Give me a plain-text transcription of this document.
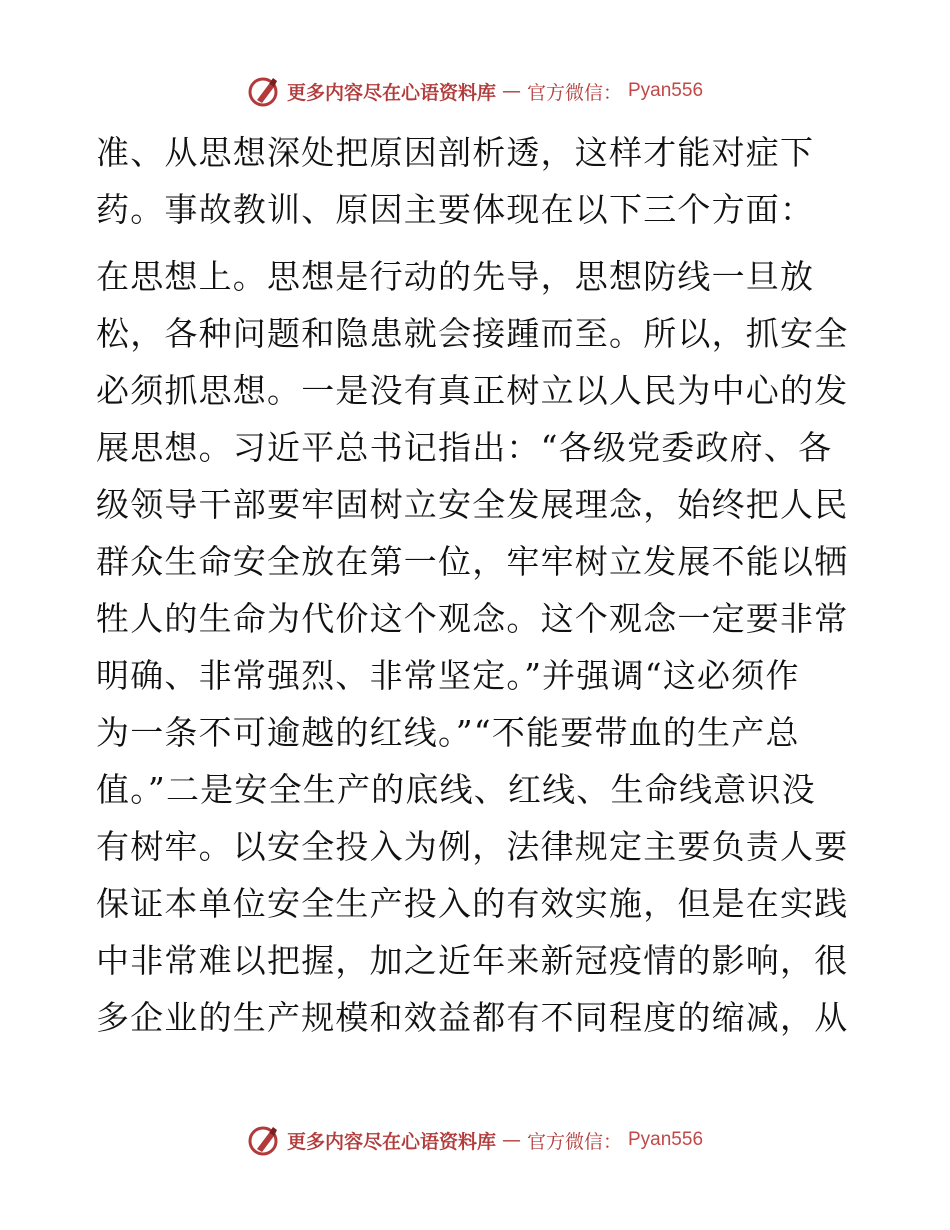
更多内容尽在心语资料库 — 官方微信： Pyan556
准、从思想深处把原因剖析透，这样才能对症下
药。事故教训、原因主要体现在以下三个方面：
在思想上。思想是行动的先导，思想防线一旦放
松，各种问题和隐患就会接踵而至。所以，抓安全
必须抓思想。一是没有真正树立以人民为中心的发
展思想。习近平总书记指出：“各级党委政府、各
级领导干部要牢固树立安全发展理念，始终把人民
群众生命安全放在第一位，牢牢树立发展不能以牺
牲人的生命为代价这个观念。这个观念一定要非常
明确、非常强烈、非常坚定。”并强调“这必须作
为一条不可逾越的红线。”“不能要带血的生产总
值。”二是安全生产的底线、红线、生命线意识没
有树牢。以安全投入为例，法律规定主要负责人要
保证本单位安全生产投入的有效实施，但是在实践
中非常难以把握，加之近年来新冠疫情的影响，很
多企业的生产规模和效益都有不同程度的缩减，从
更多内容尽在心语资料库 — 官方微信： Pyan556
